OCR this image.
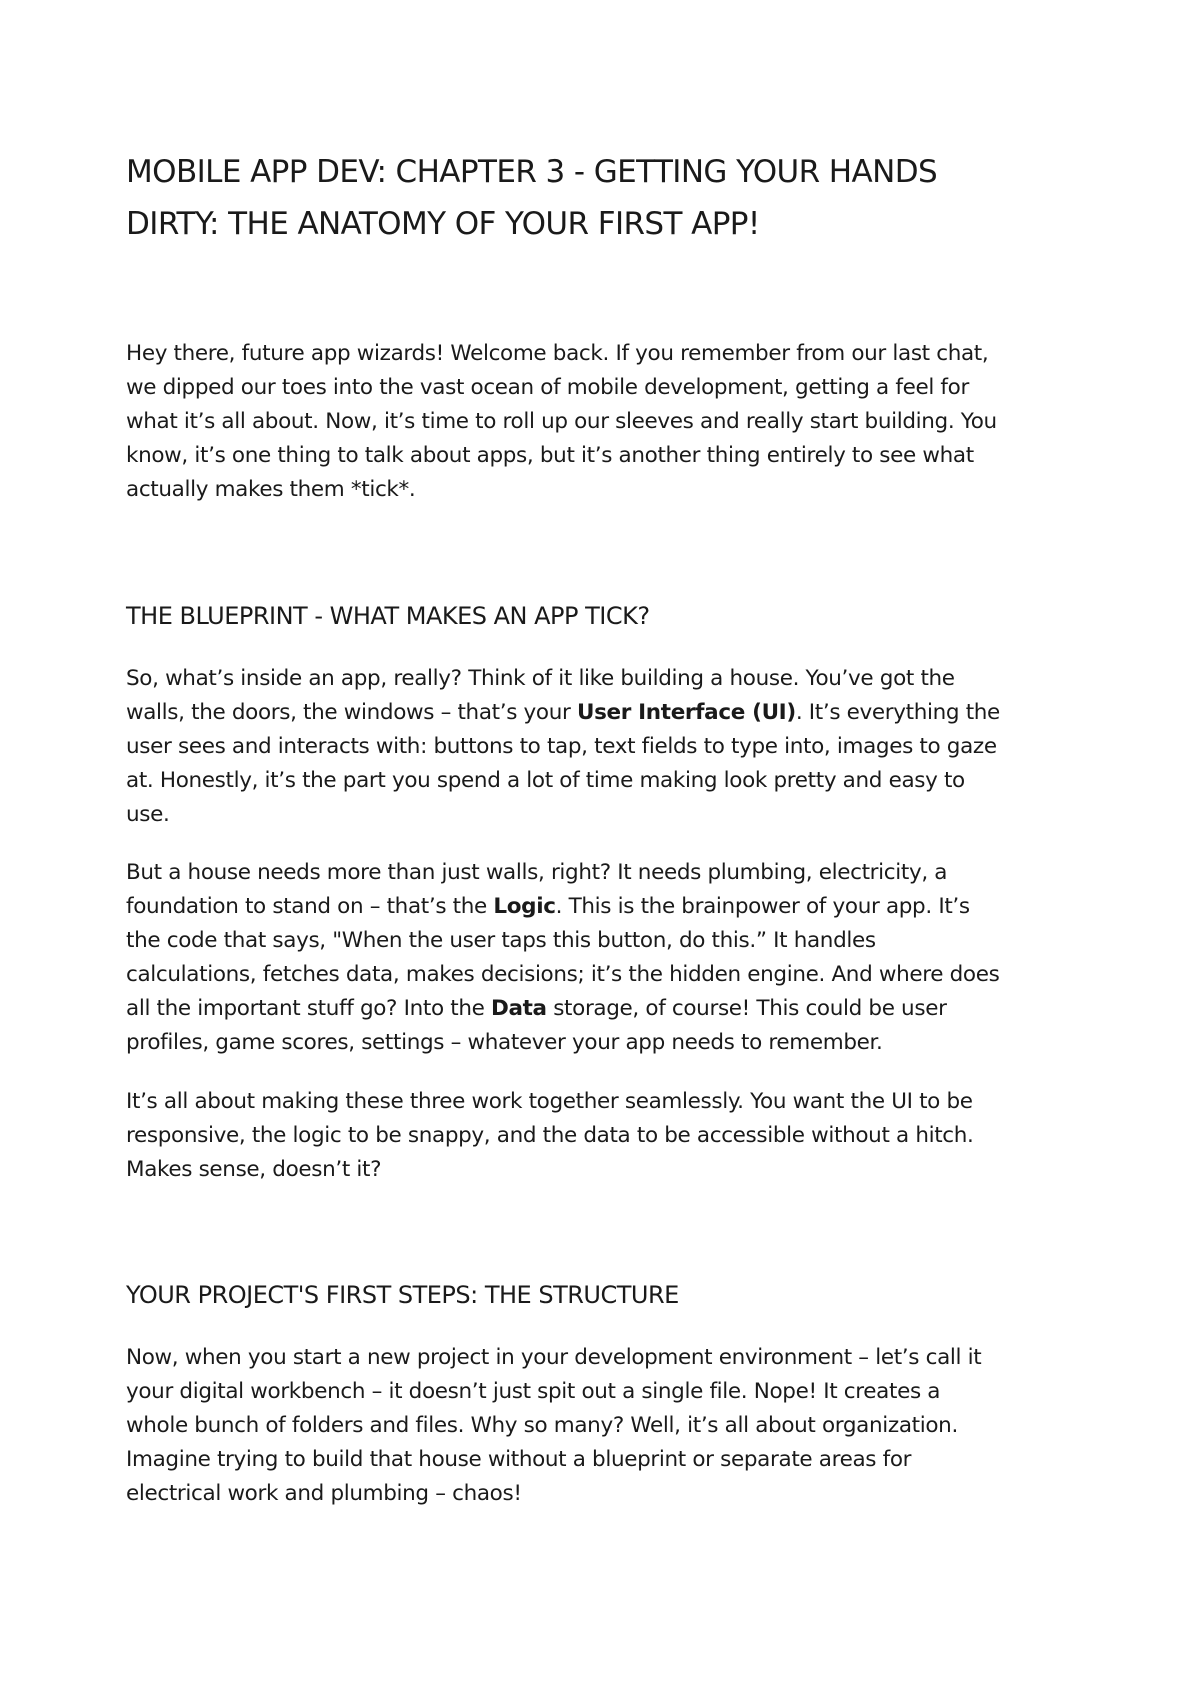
MOBILE APP DEV: CHAPTER 3 - GETTING YOUR HANDS
DIRTY: THE ANATOMY OF YOUR FIRST APP!

Hey there, future app wizards! Welcome back. If you remember from our last chat,
we dipped our toes into the vast ocean of mobile development, getting a feel for
what it’s all about. Now, it’s time to roll up our sleeves and really start building. You
know, it’s one thing to talk about apps, but it’s another thing entirely to see what
actually makes them *tick*.

THE BLUEPRINT - WHAT MAKES AN APP TICK?

So, what’s inside an app, really? Think of it like building a house. You’ve got the
walls, the doors, the windows – that’s your User Interface (UI). It’s everything the
user sees and interacts with: buttons to tap, text fields to type into, images to gaze
at. Honestly, it’s the part you spend a lot of time making look pretty and easy to
use.

But a house needs more than just walls, right? It needs plumbing, electricity, a
foundation to stand on – that’s the Logic. This is the brainpower of your app. It’s
the code that says, "When the user taps this button, do this.” It handles
calculations, fetches data, makes decisions; it’s the hidden engine. And where does
all the important stuff go? Into the Data storage, of course! This could be user
profiles, game scores, settings – whatever your app needs to remember.

It’s all about making these three work together seamlessly. You want the UI to be
responsive, the logic to be snappy, and the data to be accessible without a hitch.
Makes sense, doesn’t it?

YOUR PROJECT'S FIRST STEPS: THE STRUCTURE

Now, when you start a new project in your development environment – let’s call it
your digital workbench – it doesn’t just spit out a single file. Nope! It creates a
whole bunch of folders and files. Why so many? Well, it’s all about organization.
Imagine trying to build that house without a blueprint or separate areas for
electrical work and plumbing – chaos!
